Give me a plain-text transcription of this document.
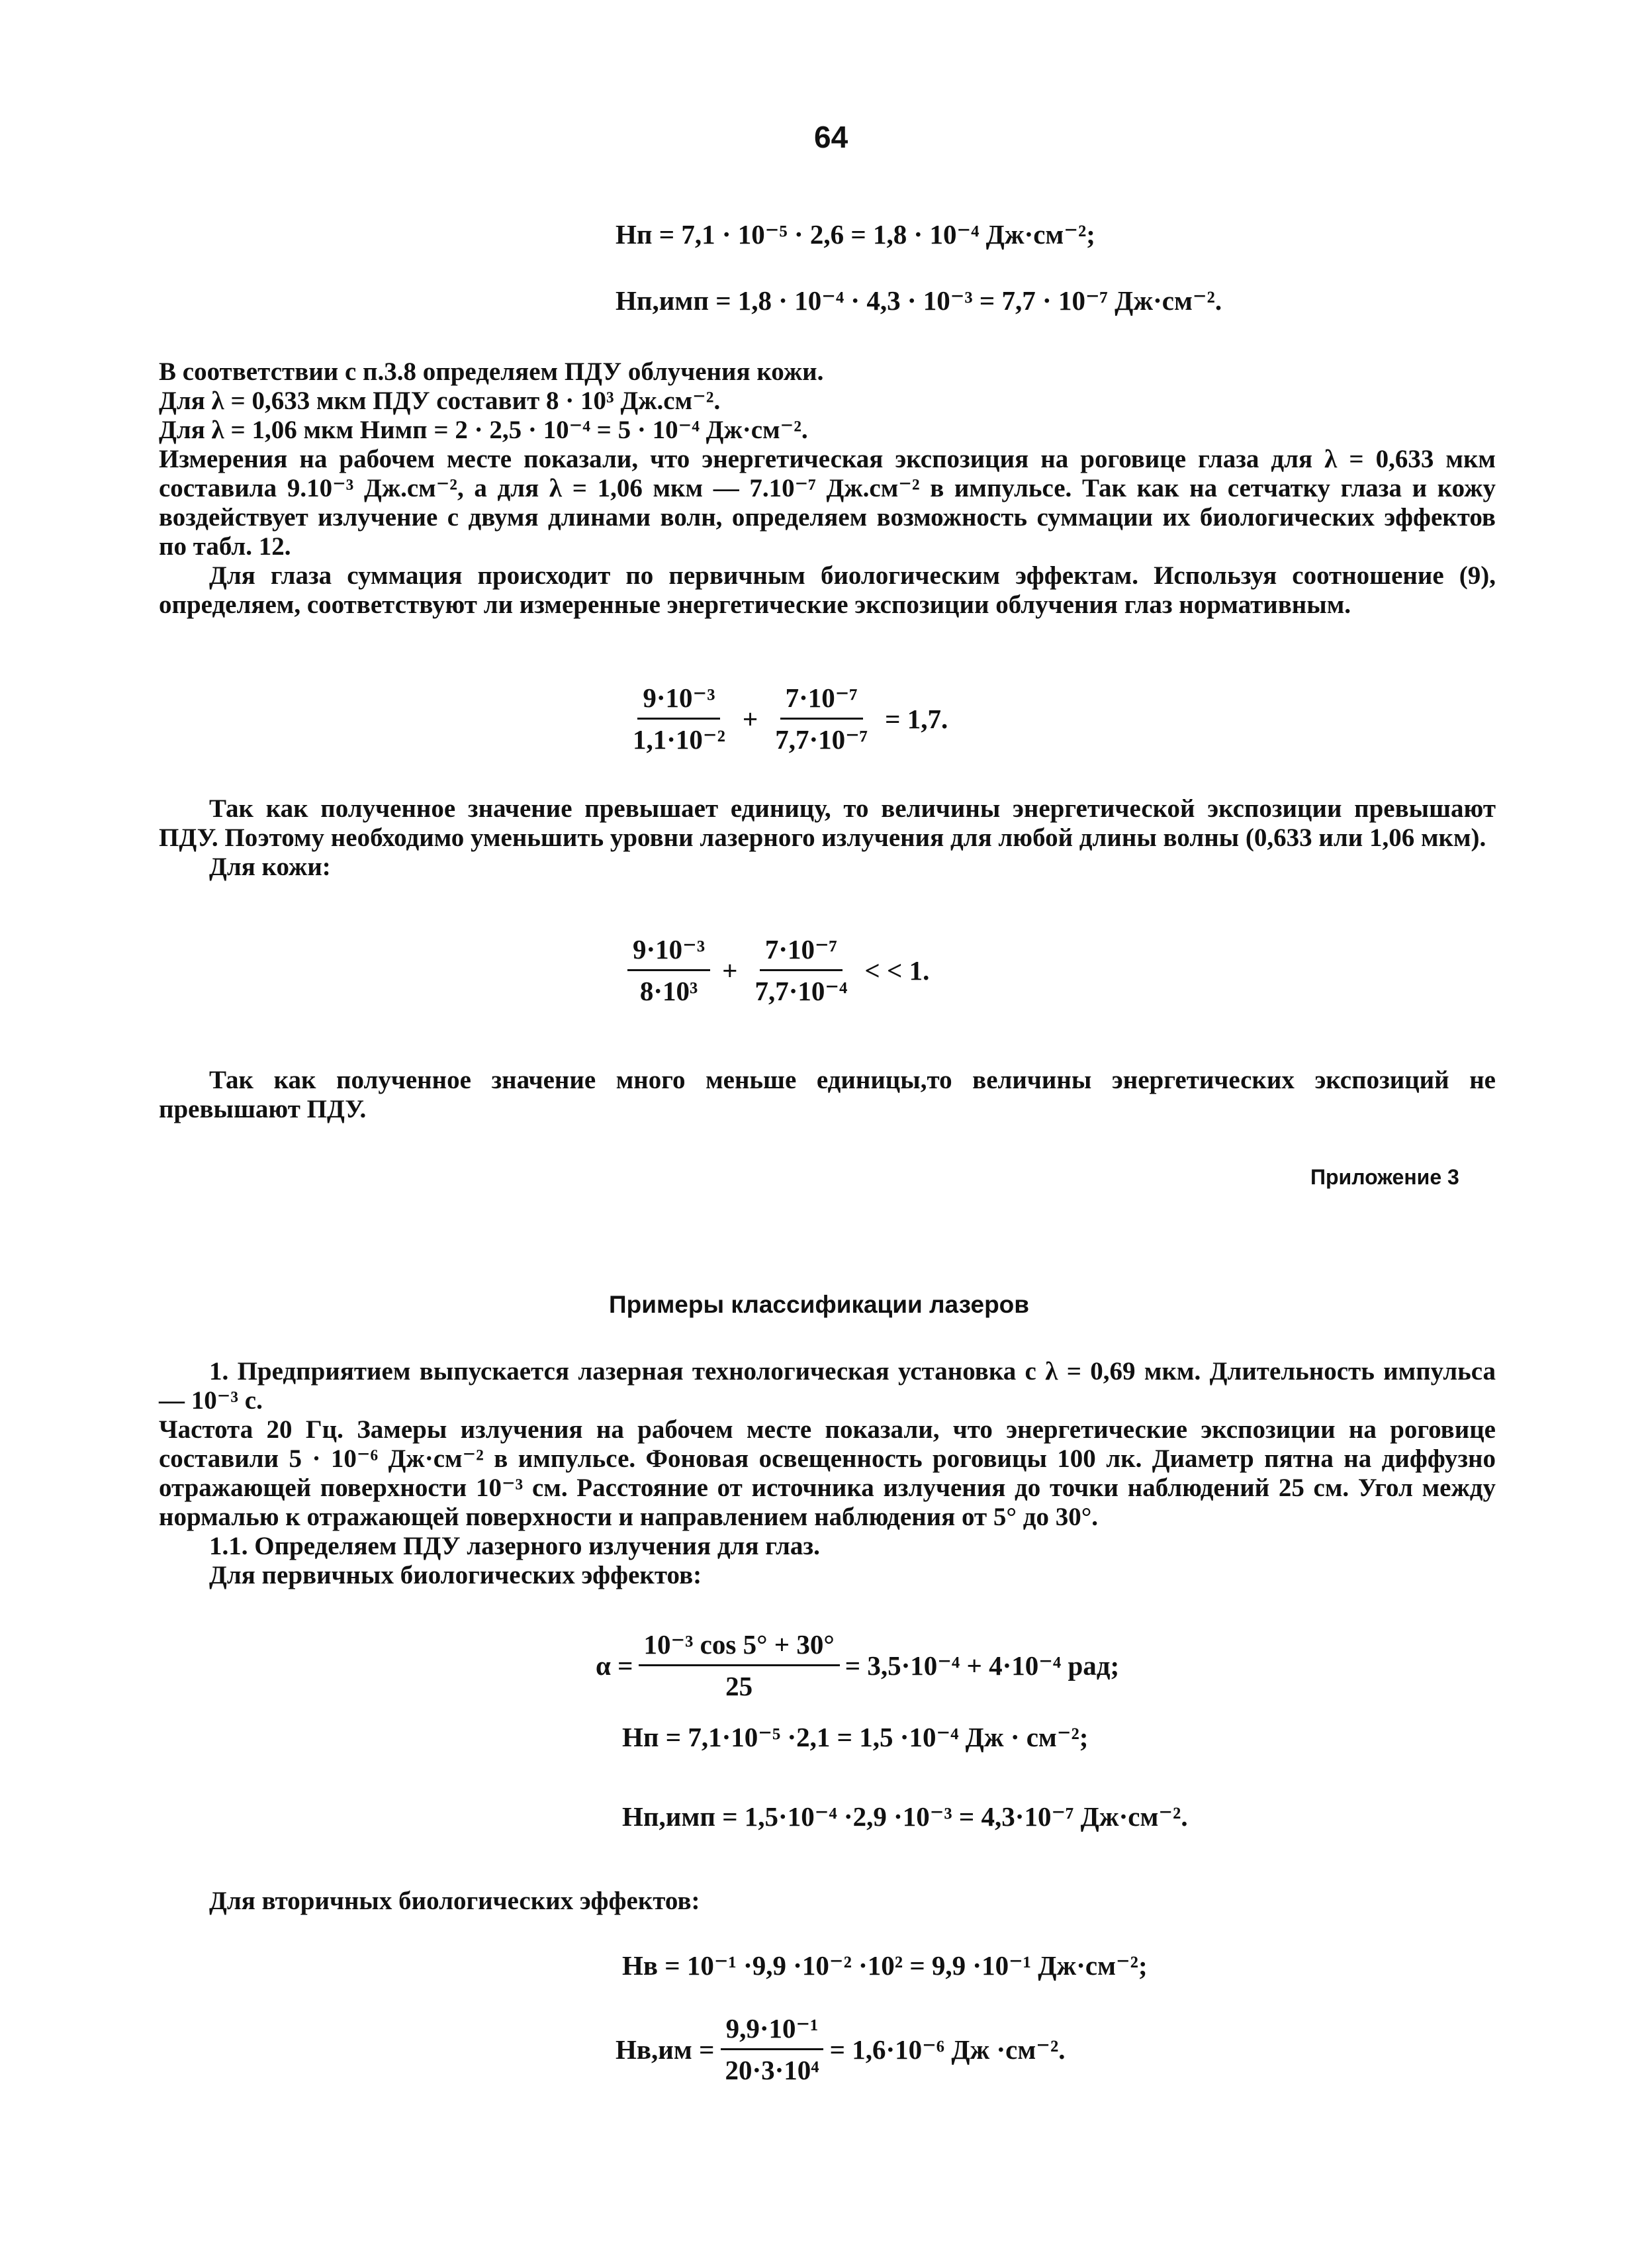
64
Нп = 7,1 · 10⁻⁵ · 2,6 = 1,8 · 10⁻⁴ Дж·см⁻²;
Нп,имп = 1,8 · 10⁻⁴ · 4,3 · 10⁻³ = 7,7 · 10⁻⁷ Дж·см⁻².

В соответствии с п.3.8 определяем ПДУ облучения кожи.

Для λ = 0,633 мкм ПДУ составит 8 · 10³ Дж.см⁻².

Для λ = 1,06 мкм Нимп = 2 · 2,5 · 10⁻⁴ = 5 · 10⁻⁴ Дж·см⁻².

Измерения на рабочем месте показали, что энергетическая экспозиция на роговице глаза для λ = 0,633 мкм составила 9.10⁻³ Дж.см⁻², а для λ = 1,06 мкм — 7.10⁻⁷ Дж.см⁻² в импульсе. Так как на сетчатку глаза и кожу воздействует излучение с двумя длинами волн, определяем возможность суммации их биологических эффектов по табл. 12.

Для глаза суммация происходит по первичным биологическим эффектам. Используя соотношение (9), определяем, соответствуют ли измеренные энергетические экспозиции облучения глаз нормативным.

$\frac{\text{9·10⁻³}}{\text{1,1·10⁻²}} + \frac{\text{7·10⁻⁷}}{\text{7,7·10⁻⁷}} = 1,7$.

Так как полученное значение превышает единицу, то величины энергетической экспозиции превышают ПДУ. Поэтому необходимо уменьшить уровни лазерного излучения для любой длины волны (0,633 или 1,06 мкм).

Для кожи:

$\frac{\text{9·10⁻³}}{\text{8·10³}} + \frac{\text{7·10⁻⁷}}{\text{7,7·10⁻⁴}}$ < < 1.

Так как полученное значение много меньше единицы,то величины энергетических экспозиций не превышают ПДУ.

Приложение 3
Примеры классификации лазеров

1. Предприятием выпускается лазерная технологическая установка с λ = 0,69 мкм. Длительность импульса — 10⁻³ с.

Частота 20 Гц. Замеры излучения на рабочем месте показали, что энергетические экспозиции на роговице составили 5 · 10⁻⁶ Дж·см⁻² в импульсе. Фоновая освещенность роговицы 100 лк. Диаметр пятна на диффузно отражающей поверхности 10⁻³ см. Расстояние от источника излучения до точки наблюдений 25 см. Угол между нормалью к отражающей поверхности и направлением наблюдения от 5° до 30°.

1.1. Определяем ПДУ лазерного излучения для глаз.

Для первичных биологических эффектов:

$\alpha = \frac{\text{10⁻³ cos 5° + 30°}}{25} = 3,5\cdot 10^{-4} + 4\cdot 10^{-4}$ рад;
Нп = 7,1·10⁻⁵ ·2,1 = 1,5 ·10⁻⁴ Дж · см⁻²;
Нп,имп = 1,5·10⁻⁴ ·2,9 ·10⁻³ = 4,3·10⁻⁷ Дж·см⁻².
Для вторичных биологических эффектов:
Нв = 10⁻¹ ·9,9 ·10⁻² ·10² = 9,9 ·10⁻¹ Дж·см⁻²;
$Нв,им = \frac{\text{9,9·10⁻¹}}{\text{20·3·10⁴}} = 1,6\cdot 10^{-6}$ Дж ·см⁻².
